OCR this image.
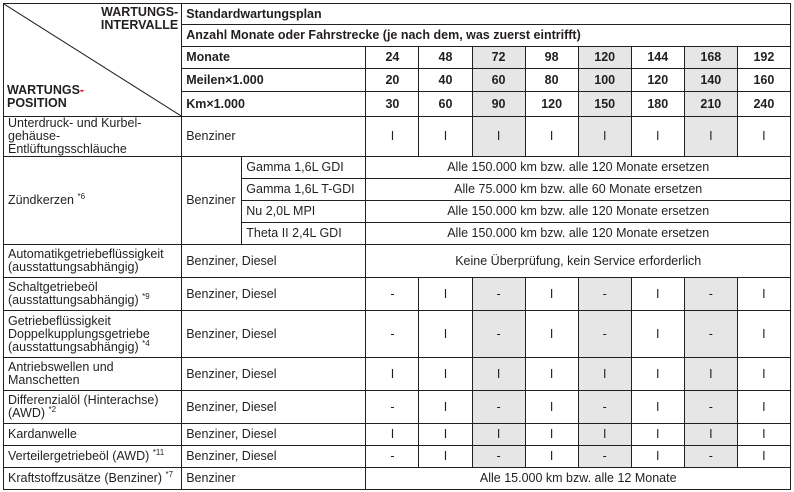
WARTUNGS-
INTERVALLE
WARTUNGS-
POSITION	Standardwartungsplan									
	Anzahl Monate oder Fahrstrecke (je nach dem, was zuerst eintrifft)									
	Monate		24	48	72	98	120	144	168	192
	Meilen×1.000		20	40	60	80	100	120	140	160
	Km×1.000		30	60	90	120	150	180	210	240

Unterdruck- und Kurbel-
gehäuse-Entlüftungsschläuche	Benziner		I	I	I	I	I	I	I	I
Zündkerzen $^{*6}$	Benziner	Gamma 1,6L GDI	Alle 150.000 km bzw. alle 120 Monate ersetzen							
		Gamma 1,6L T-GDI	Alle 75.000 km bzw. alle 60 Monate ersetzen							
		Nu 2,0L MPI	Alle 150.000 km bzw. alle 120 Monate ersetzen							
		Theta II 2,4L GDI	Alle 150.000 km bzw. alle 120 Monate ersetzen							

Automatikgetriebeflüssigkeit
(ausstattungsabhängig)	Benziner, Diesel		Keine Überprüfung, kein Service erforderlich							

Schaltgetriebeöl
(ausstattungsabhängig) $^{*9}$	Benziner, Diesel		-	I	-	I	-	I	-	I

Getriebeflüssigkeit
Doppelkupplungsgetriebe
(ausstattungsabhängig) $^{*4}$	Benziner, Diesel		-	I	-	I	-	I	-	I

Antriebswellen und
Manschetten	Benziner, Diesel		I	I	I	I	I	I	I	I

Differenzialöl (Hinterachse)
(AWD) $^{*2}$	Benziner, Diesel		-	I	-	I	-	I	-	I
Kardanwelle	Benziner, Diesel		I	I	I	I	I	I	I	I
Verteilergetriebeöl (AWD) $^{*11}$	Benziner, Diesel		-	I	-	I	-	I	-	I
Kraftstoffzusätze (Benziner) $^{*7}$	Benziner		Alle 15.000 km bzw. alle 12 Monate							
